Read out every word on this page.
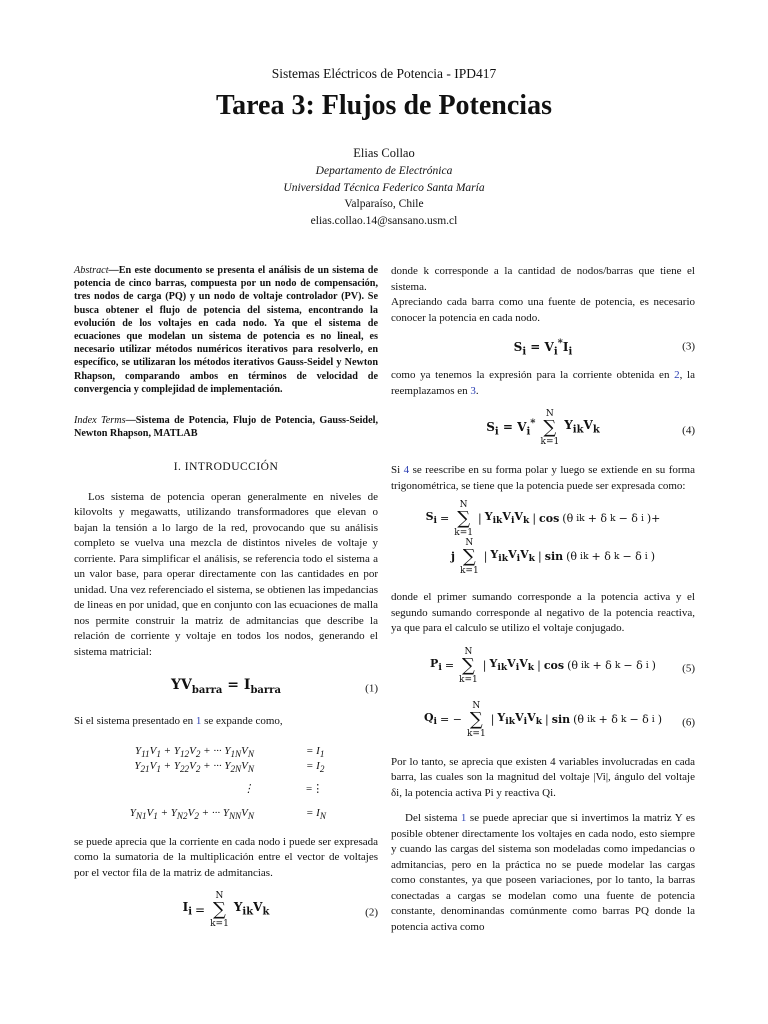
Sistemas Eléctricos de Potencia - IPD417
Tarea 3: Flujos de Potencias
Elias Collao
Departamento de Electrónica
Universidad Técnica Federico Santa María
Valparaíso, Chile
elias.collao.14@sansano.usm.cl

Abstract—En este documento se presenta el análisis de un sistema de potencia de cinco barras, compuesta por un nodo de compensación, tres nodos de carga (PQ) y un nodo de voltaje controlador (PV). Se busca obtener el flujo de potencia del sistema, encontrando la evolución de los voltajes en cada nodo. Ya que el sistema de ecuaciones que modelan un sistema de potencia es no lineal, es necesario utilizar métodos numéricos iterativos para resolverlo, en específico, se utilizaran los métodos iterativos Gauss-Seidel y Newton Rhapson, comparando ambos en términos de velocidad de convergencia y complejidad de implementación.

Index Terms—Sistema de Potencia, Flujo de Potencia, Gauss-Seidel, Newton Rhapson, MATLAB

I. INTRODUCCIÓN

Los sistema de potencia operan generalmente en niveles de kilovolts y megawatts, utilizando transformadores que elevan o bajan la tensión a lo largo de la red, provocando que su análisis completo se vuelva una mezcla de distintos niveles de voltaje y corriente. Para simplificar el análisis, se referencia todo el sistema a un valor base, para operar directamente con las cantidades en por unidad. Una vez referenciado el sistema, se obtienen las impedancias de lineas en por unidad, que en conjunto con las ecuaciones de malla nos permite construir la matriz de admitancias que describe la relación de corriente y voltaje en todos los nodos, generando el sistema matricial:

$YV_{barra} = I_{barra}$	(1)

Si el sistema presentado en 1 se expande como,

$Y_{11}V_1 + Y_{12}V_2$ + ··· $Y_{1N}V_N$	= $I_1$
$Y_{21}V_1 + Y_{22}V_2$ + ··· $Y_{2N}V_N$	= $I_2$
⋮	=⋮
$Y_{N1}V_1 + Y_{N2}V_2$ + ··· $Y_{NN}V_N$	= $I_N$

se puede aprecia que la corriente en cada nodo i puede ser expresada como la sumatoria de la multiplicación entre el vector de voltajes por el vector fila de la matriz de admitancias.

$I_i$ =
N
∑
k=1
$Y_{ik}V_k$	(2)

donde k corresponde a la cantidad de nodos/barras que tiene el sistema.

Apreciando cada barra como una fuente de potencia, es necesario conocer la potencia en cada nodo.

$S_i = V_i^*I_i$	(3)

como ya tenemos la expresión para la corriente obtenida en 2, la reemplazamos en 3.

$S_i = V_i^*$
N
∑
k=1
$Y_{ik}V_k$	(4)

Si 4 se reescribe en su forma polar y luego se extiende en su forma trigonométrica, se tiene que la potencia puede ser expresada como:

$S_i$ =
N
∑
k=1
| $Y_{ik}V_iV_k$ | cos (θ ik + δ k − δ i )+

j
N
∑
k=1
| $Y_{ik}V_iV_k$ | sin (θ ik + δ k − δ i )

donde el primer sumando corresponde a la potencia activa y el segundo sumando corresponde al negativo de la potencia reactiva, ya que para el calculo se utilizo el voltaje conjugado.

$P_i$ =
N
∑
k=1
| $Y_{ik}V_iV_k$ | cos (θ ik + δ k − δ i ) (5)
$Q_i$ = −
N
∑
k=1
| $Y_{ik}V_iV_k$ | sin (θ ik + δ k − δ i ) (6)

Por lo tanto, se aprecia que existen 4 variables involucradas en cada barra, las cuales son la magnitud del voltaje |Vi|, ángulo del voltaje δi, la potencia activa Pi y reactiva Qi.

Del sistema 1 se puede apreciar que si invertimos la matriz Y es posible obtener directamente los voltajes en cada nodo, esto siempre y cuando las cargas del sistema son modeladas como impedancias o admitancias, pero en la práctica no se puede modelar las cargas como constantes, ya que poseen variaciones, por lo tanto, la barras conectadas a cargas se modelan como una fuente de potencia constante, denominandas comúnmente como barras PQ donde la potencia activa como
